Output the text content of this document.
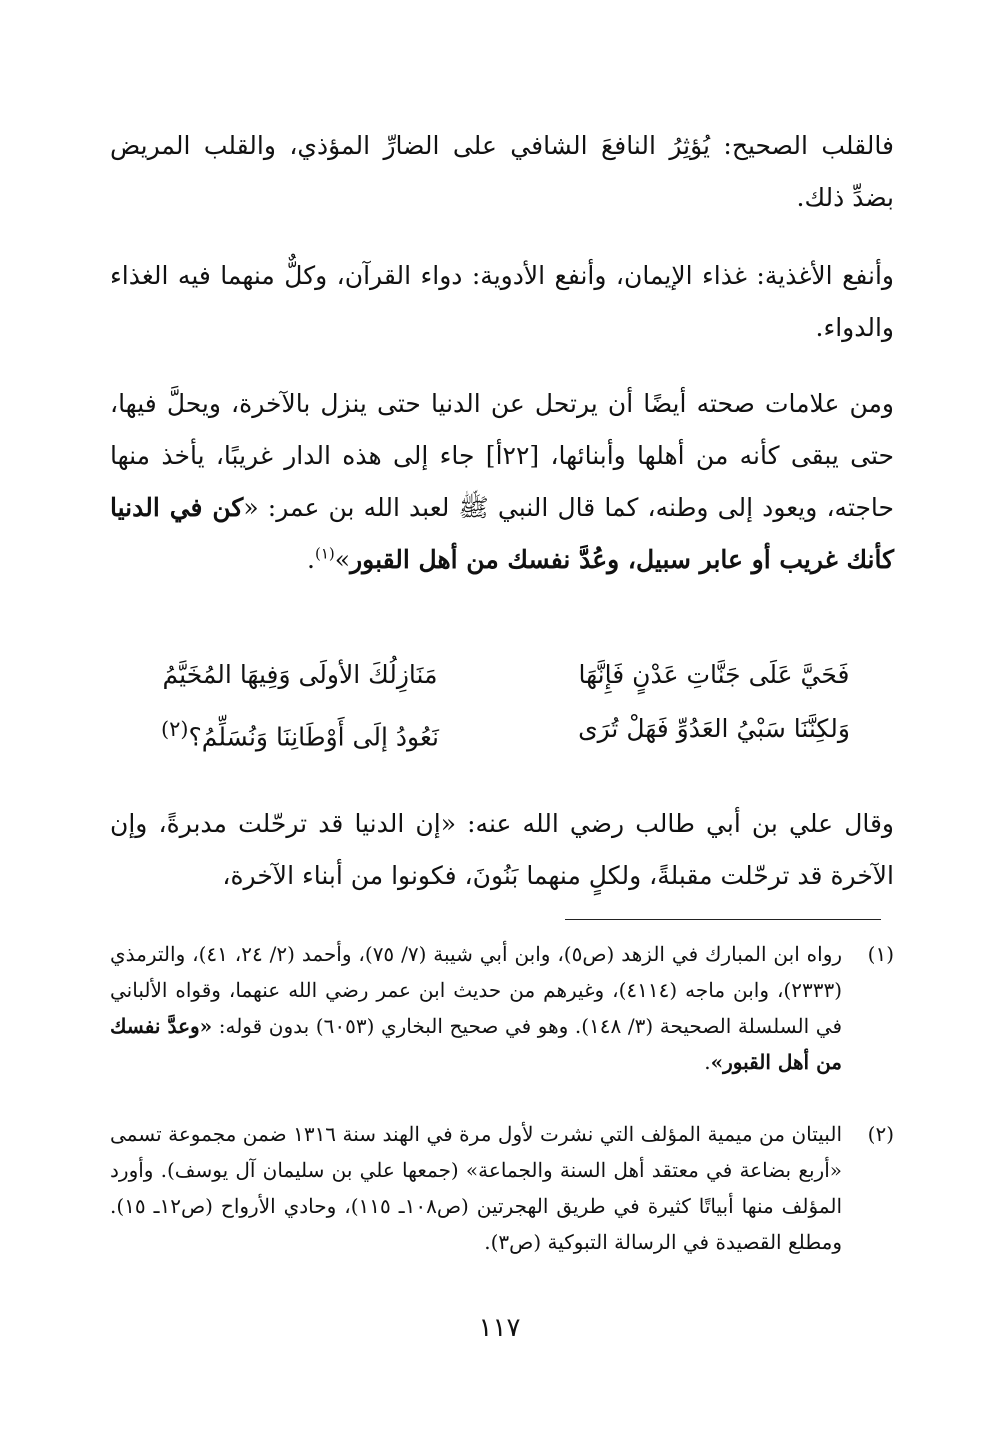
فالقلب الصحيح: يُؤثِرُ النافعَ الشافي على الضارِّ المؤذي، والقلب المريض بضدِّ ذلك.

وأنفع الأغذية: غذاء الإيمان، وأنفع الأدوية: دواء القرآن، وكلٌّ منهما فيه الغذاء والدواء.

ومن علامات صحته أيضًا أن يرتحل عن الدنيا حتى ينزل بالآخرة، ويحلَّ فيها، حتى يبقى كأنه من أهلها وأبنائها، [٢٢أ] جاء إلى هذه الدار غريبًا، يأخذ منها حاجته، ويعود إلى وطنه، كما قال النبي ﷺ لعبد الله بن عمر: «كن في الدنيا كأنك غريب أو عابر سبيل، وعُدَّ نفسك من أهل القبور»$^{(١)}$.

فَحَيَّ عَلَى جَنَّاتِ عَدْنٍ فَإِنَّهَا
مَنَازِلُكَ الأولَى وَفِيهَا المُخَيَّمُ
وَلكِنَّنَا سَبْيُ العَدُوِّ فَهَلْ تُرَى
نَعُودُ إلَى أَوْطَانِنَا وَنُسَلِّمُ؟$^{(٢)}$

وقال علي بن أبي طالب رضي الله عنه: «إن الدنيا قد ترحّلت مدبرةً، وإن الآخرة قد ترحّلت مقبلةً، ولكلٍ منهما بَنُونَ، فكونوا من أبناء الآخرة،

(١)
رواه ابن المبارك في الزهد (ص٥)، وابن أبي شيبة (٧/ ٧٥)، وأحمد (٢/ ٢٤، ٤١)، والترمذي (٢٣٣٣)، وابن ماجه (٤١١٤)، وغيرهم من حديث ابن عمر رضي الله عنهما، وقواه الألباني في السلسلة الصحيحة (٣/ ١٤٨). وهو في صحيح البخاري (٦٠٥٣) بدون قوله: «وعدَّ نفسك من أهل القبور».
(٢)
البيتان من ميمية المؤلف التي نشرت لأول مرة في الهند سنة ١٣١٦ ضمن مجموعة تسمى «أربع بضاعة في معتقد أهل السنة والجماعة» (جمعها علي بن سليمان آل يوسف). وأورد المؤلف منها أبياتًا كثيرة في طريق الهجرتين (ص١٠٨ـ ١١٥)، وحادي الأرواح (ص١٢ـ ١٥). ومطلع القصيدة في الرسالة التبوكية (ص٣).
١١٧
